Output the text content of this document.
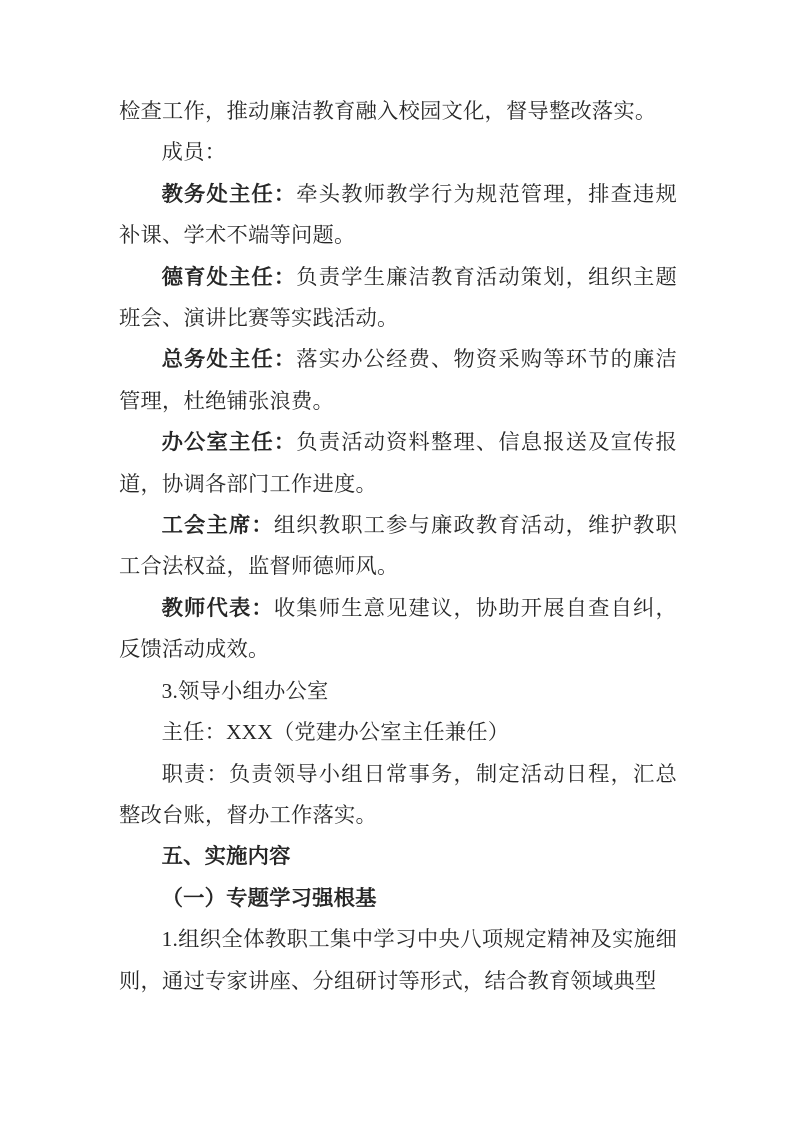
检查工作，推动廉洁教育融入校园文化，督导整改落实。

成员：

教务处主任：牵头教师教学行为规范管理，排查违规补课、学术不端等问题。

德育处主任：负责学生廉洁教育活动策划，组织主题班会、演讲比赛等实践活动。

总务处主任：落实办公经费、物资采购等环节的廉洁管理，杜绝铺张浪费。

办公室主任：负责活动资料整理、信息报送及宣传报道，协调各部门工作进度。

工会主席：组织教职工参与廉政教育活动，维护教职工合法权益，监督师德师风。

教师代表：收集师生意见建议，协助开展自查自纠，反馈活动成效。

3.领导小组办公室

主任：XXX（党建办公室主任兼任）

职责：负责领导小组日常事务，制定活动日程，汇总整改台账，督办工作落实。

五、实施内容

（一）专题学习强根基

1.组织全体教职工集中学习中央八项规定精神及实施细则，通过专家讲座、分组研讨等形式，结合教育领域典型
